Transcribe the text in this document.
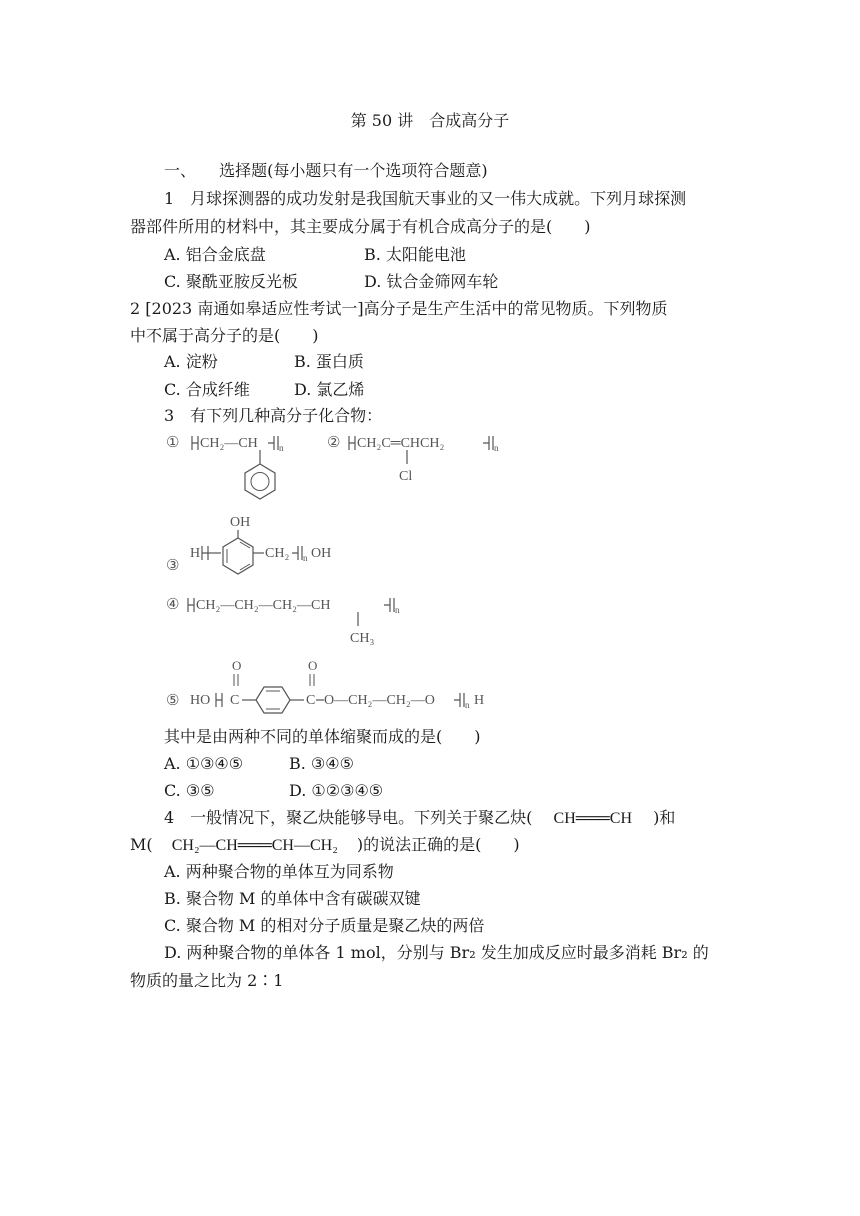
第 50 讲　合成高分子
一、 选择题(每小题只有一个选项符合题意)
1　月球探测器的成功发射是我国航天事业的又一伟大成就。下列月球探测
器部件所用的材料中，其主要成分属于有机合成高分子的是(　　)
A. 铝合金底盘	B. 太阳能电池
C. 聚酰亚胺反光板	D. 钛合金筛网车轮
2 [2023 南通如皋适应性考试一]高分子是生产生活中的常见物质。下列物质
中不属于高分子的是(　　)
A. 淀粉	B. 蛋白质
C. 合成纤维	D. 氯乙烯
3　有下列几种高分子化合物：
① CH₂—CH n	② CH₂C═CHCH₂	n
Cl
OH
③
H	CH₂ n OH
④ CH₂—CH₂—CH₂—CH	n
CH₃
O	O
⑤ HO C	C O—CH₂—CH₂—O	n H
其中是由两种不同的单体缩聚而成的是(　　)
A. ①③④⑤	B. ③④⑤
C. ③⑤	D. ①②③④⑤
4　一般情况下，聚乙炔能够导电。下列关于聚乙炔( CH═══CH )和
M( CH₂—CH═══CH—CH₂ )的说法正确的是(　　)
A. 两种聚合物的单体互为同系物
B. 聚合物 M 的单体中含有碳碳双键
C. 聚合物 M 的相对分子质量是聚乙炔的两倍
D. 两种聚合物的单体各 1 mol，分别与 Br₂ 发生加成反应时最多消耗 Br₂ 的
物质的量之比为 2∶1
